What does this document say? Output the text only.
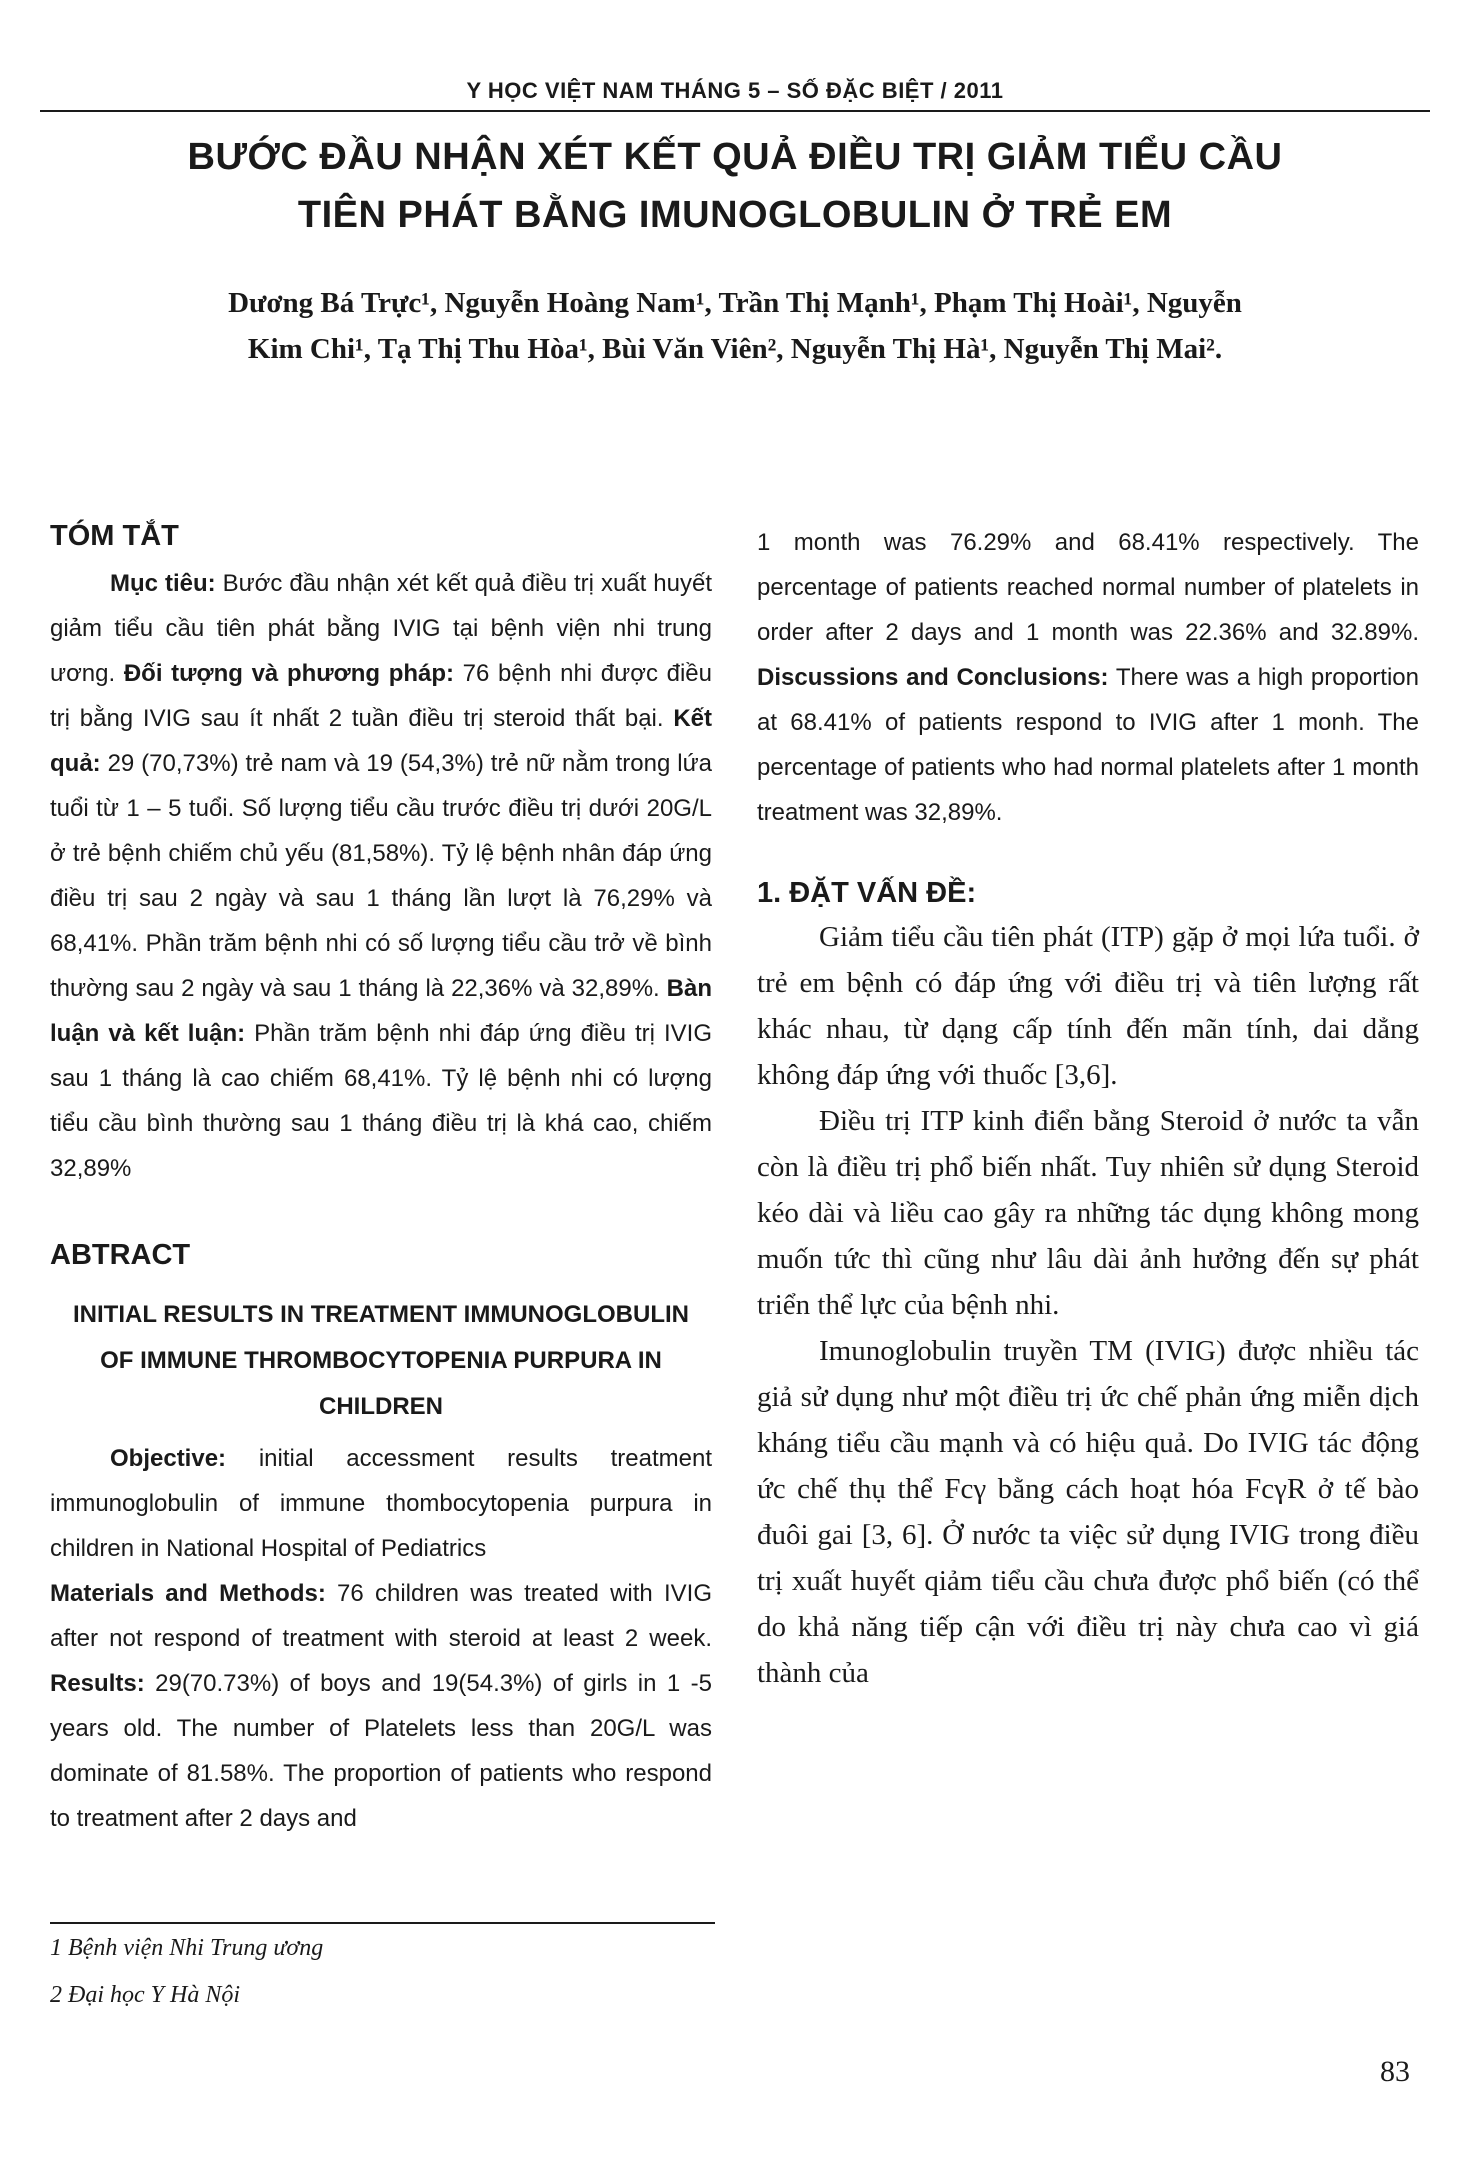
Y HỌC VIỆT NAM THÁNG 5 – SỐ ĐẶC BIỆT / 2011
BƯỚC ĐẦU NHẬN XÉT KẾT QUẢ ĐIỀU TRỊ GIẢM TIỂU CẦU
TIÊN PHÁT BẰNG IMUNOGLOBULIN Ở TRẺ EM
Dương Bá Trực¹, Nguyễn Hoàng Nam¹, Trần Thị Mạnh¹, Phạm Thị Hoài¹, Nguyễn
Kim Chi¹, Tạ Thị Thu Hòa¹, Bùi Văn Viên², Nguyễn Thị Hà¹, Nguyễn Thị Mai².
TÓM TẮT

Mục tiêu: Bước đầu nhận xét kết quả điều trị xuất huyết giảm tiểu cầu tiên phát bằng IVIG tại bệnh viện nhi trung ương. Đối tượng và phương pháp: 76 bệnh nhi được điều trị bằng IVIG sau ít nhất 2 tuần điều trị steroid thất bại. Kết quả: 29 (70,73%) trẻ nam và 19 (54,3%) trẻ nữ nằm trong lứa tuổi từ 1 – 5 tuổi. Số lượng tiểu cầu trước điều trị dưới 20G/L ở trẻ bệnh chiếm chủ yếu (81,58%). Tỷ lệ bệnh nhân đáp ứng điều trị sau 2 ngày và sau 1 tháng lần lượt là 76,29% và 68,41%. Phần trăm bệnh nhi có số lượng tiểu cầu trở về bình thường sau 2 ngày và sau 1 tháng là 22,36% và 32,89%. Bàn luận và kết luận: Phần trăm bệnh nhi đáp ứng điều trị IVIG sau 1 tháng là cao chiếm 68,41%. Tỷ lệ bệnh nhi có lượng tiểu cầu bình thường sau 1 tháng điều trị là khá cao, chiếm 32,89%

ABTRACT
INITIAL RESULTS IN TREATMENT IMMUNOGLOBULIN
OF IMMUNE THROMBOCYTOPENIA PURPURA IN
CHILDREN

Objective: initial accessment results treatment immunoglobulin of immune thombocytopenia purpura in children in National Hospital of Pediatrics

Materials and Methods: 76 children was treated with IVIG after not respond of treatment with steroid at least 2 week. Results: 29(70.73%) of boys and 19(54.3%) of girls in 1 -5 years old. The number of Platelets less than 20G/L was dominate of 81.58%. The proportion of patients who respond to treatment after 2 days and

1 Bệnh viện Nhi Trung ương
2 Đại học Y Hà Nội

1 month was 76.29% and 68.41% respectively. The percentage of patients reached normal number of platelets in order after 2 days and 1 month was 22.36% and 32.89%. Discussions and Conclusions: There was a high proportion at 68.41% of patients respond to IVIG after 1 monh. The percentage of patients who had normal platelets after 1 month treatment was 32,89%.

1. ĐẶT VẤN ĐỀ:

Giảm tiểu cầu tiên phát (ITP) gặp ở mọi lứa tuổi. ở trẻ em bệnh có đáp ứng với điều trị và tiên lượng rất khác nhau, từ dạng cấp tính đến mãn tính, dai dẳng không đáp ứng với thuốc [3,6].

Điều trị ITP kinh điển bằng Steroid ở nước ta vẫn còn là điều trị phổ biến nhất. Tuy nhiên sử dụng Steroid kéo dài và liều cao gây ra những tác dụng không mong muốn tức thì cũng như lâu dài ảnh hưởng đến sự phát triển thể lực của bệnh nhi.

Imunoglobulin truyền TM (IVIG) được nhiều tác giả sử dụng như một điều trị ức chế phản ứng miễn dịch kháng tiểu cầu mạnh và có hiệu quả. Do IVIG tác động ức chế thụ thể Fcγ bằng cách hoạt hóa FcγR ở tế bào đuôi gai [3, 6]. Ở nước ta việc sử dụng IVIG trong điều trị xuất huyết qiảm tiểu cầu chưa được phổ biến (có thể do khả năng tiếp cận với điều trị này chưa cao vì giá thành của

83
